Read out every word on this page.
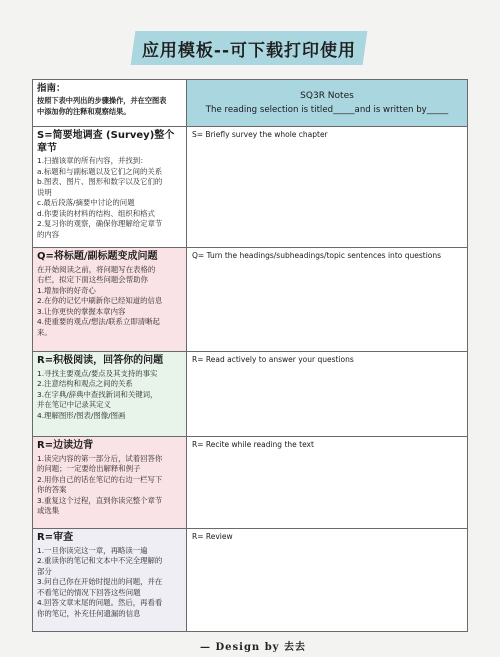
应用模板--可下载打印使用
指南：
按照下表中列出的步骤操作，并在空图表
中添加你的注释和观察结果。
SQ3R Notes
The reading selection is titled_____and is written by_____
S=简要地调查 (Survey)整个章节
1.扫描该章的所有内容，并找到：
a.标题和与副标题以及它们之间的关系
b.图表、图片、图形和数字以及它们的
说明
c.最后段落/摘要中讨论的问题
d.你要读的材料的结构、组织和格式
2.复习你的观察，确保你理解给定章节
的内容
S= Briefly survey the whole chapter
Q=将标题/副标题变成问题
在开始阅读之前，将问题写在表格的
右栏，拟定下面这些问题会帮助你
1.增加你的好奇心
2.在你的记忆中刷新你已经知道的信息
3.让你更快的掌握本章内容
4.使重要的观点/想法/联系立即清晰起
来。
Q= Turn the headings/subheadings/topic sentences into questions
R=积极阅读，回答你的问题
1.寻找主要观点/要点及其支持的事实
2.注意结构和观点之间的关系
3.在字典/辞典中查找新词和关键词，
并在笔记中记录其定义
4.理解图形/图表/图像/图画
R= Read actively to answer your questions
R=边读边背
1.读完内容的第一部分后，试着回答你
的问题；一定要给出解释和例子
2.用你自己的话在笔记的右边一栏写下
你的答案
3.重复这个过程，直到你读完整个章节
或选集
R= Recite while reading the text
R=审查
1.一旦你读完这一章，再略读一遍
2.重读你的笔记和文本中不完全理解的
部分
3.问自己你在开始时提出的问题，并在
不看笔记的情况下回答这些问题
4.回答文章末尾的问题。然后，再看看
你的笔记，补充任何遗漏的信息
R= Review
— Design by 去去
